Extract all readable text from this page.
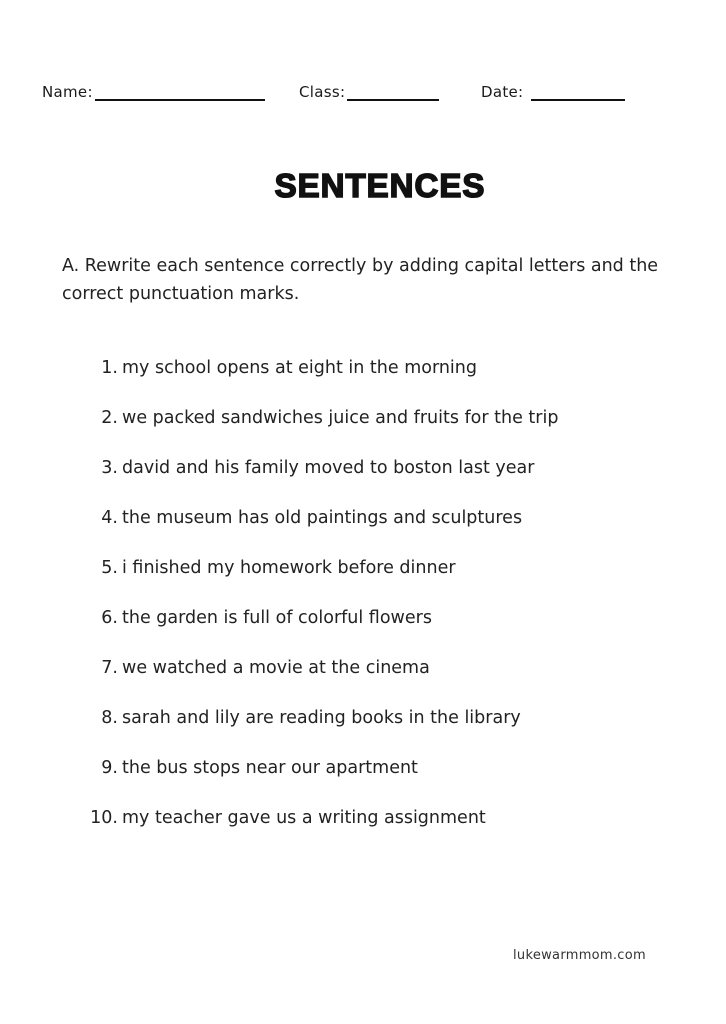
Name:	Class:	Date:
SENTENCES
A. Rewrite each sentence correctly by adding capital letters and the
correct punctuation marks.
1. my school opens at eight in the morning
2. we packed sandwiches juice and fruits for the trip
3. david and his family moved to boston last year
4. the museum has old paintings and sculptures
5. i finished my homework before dinner
6. the garden is full of colorful flowers
7. we watched a movie at the cinema
8. sarah and lily are reading books in the library
9. the bus stops near our apartment
10. my teacher gave us a writing assignment
lukewarmmom.com
